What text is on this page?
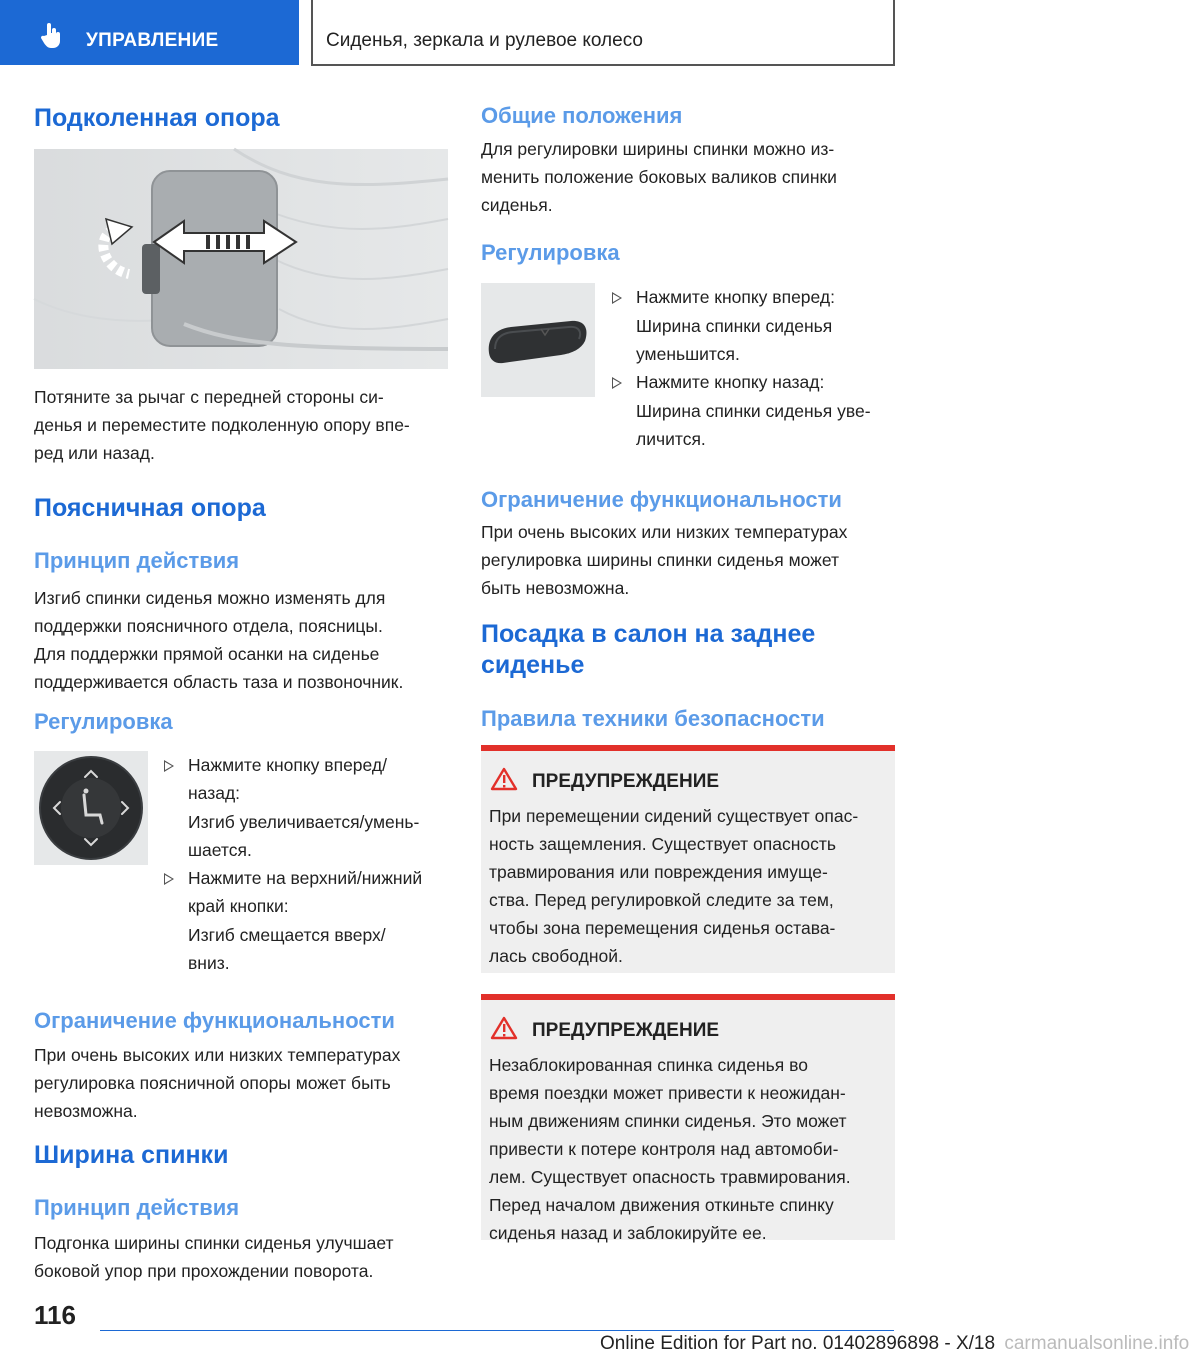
УПРАВЛЕНИЕ	Сиденья, зеркала и рулевое колесо
Подколенная опора

Потяните за рычаг с передней стороны си-
денья и переместите подколенную опору впе-
ред или назад.

Поясничная опора
Принцип действия

Изгиб спинки сиденья можно изменять для
поддержки поясничного отдела, поясницы.
Для поддержки прямой осанки на сиденье
поддерживается область таза и позвоночник.

Регулировка

Нажмите кнопку вперед/
назад:

Изгиб увеличивается/умень-
шается.

Нажмите на верхний/нижний
край кнопки:

Изгиб смещается вверх/
вниз.

Ограничение функциональности

При очень высоких или низких температурах
регулировка поясничной опоры может быть
невозможна.

Ширина спинки
Принцип действия

Подгонка ширины спинки сиденья улучшает
боковой упор при прохождении поворота.

Общие положения

Для регулировки ширины спинки можно из-
менить положение боковых валиков спинки
сиденья.

Регулировка

Нажмите кнопку вперед:

Ширина спинки сиденья
уменьшится.

Нажмите кнопку назад:

Ширина спинки сиденья уве-
личится.

Ограничение функциональности

При очень высоких или низких температурах
регулировка ширины спинки сиденья может
быть невозможна.

Посадка в салон на заднее
сиденье
Правила техники безопасности
ПРЕДУПРЕЖДЕНИЕ
При перемещении сидений существует опас-
ность защемления. Существует опасность
травмирования или повреждения имуще-
ства. Перед регулировкой следите за тем,
чтобы зона перемещения сиденья остава-
лась свободной.
ПРЕДУПРЕЖДЕНИЕ
Незаблокированная спинка сиденья во
время поездки может привести к неожидан-
ным движениям спинки сиденья. Это может
привести к потере контроля над автомоби-
лем. Существует опасность травмирования.
Перед началом движения откиньте спинку
сиденья назад и заблокируйте ее.
116
Online Edition for Part no. 01402896898 - X/18 carmanualsonline.info
